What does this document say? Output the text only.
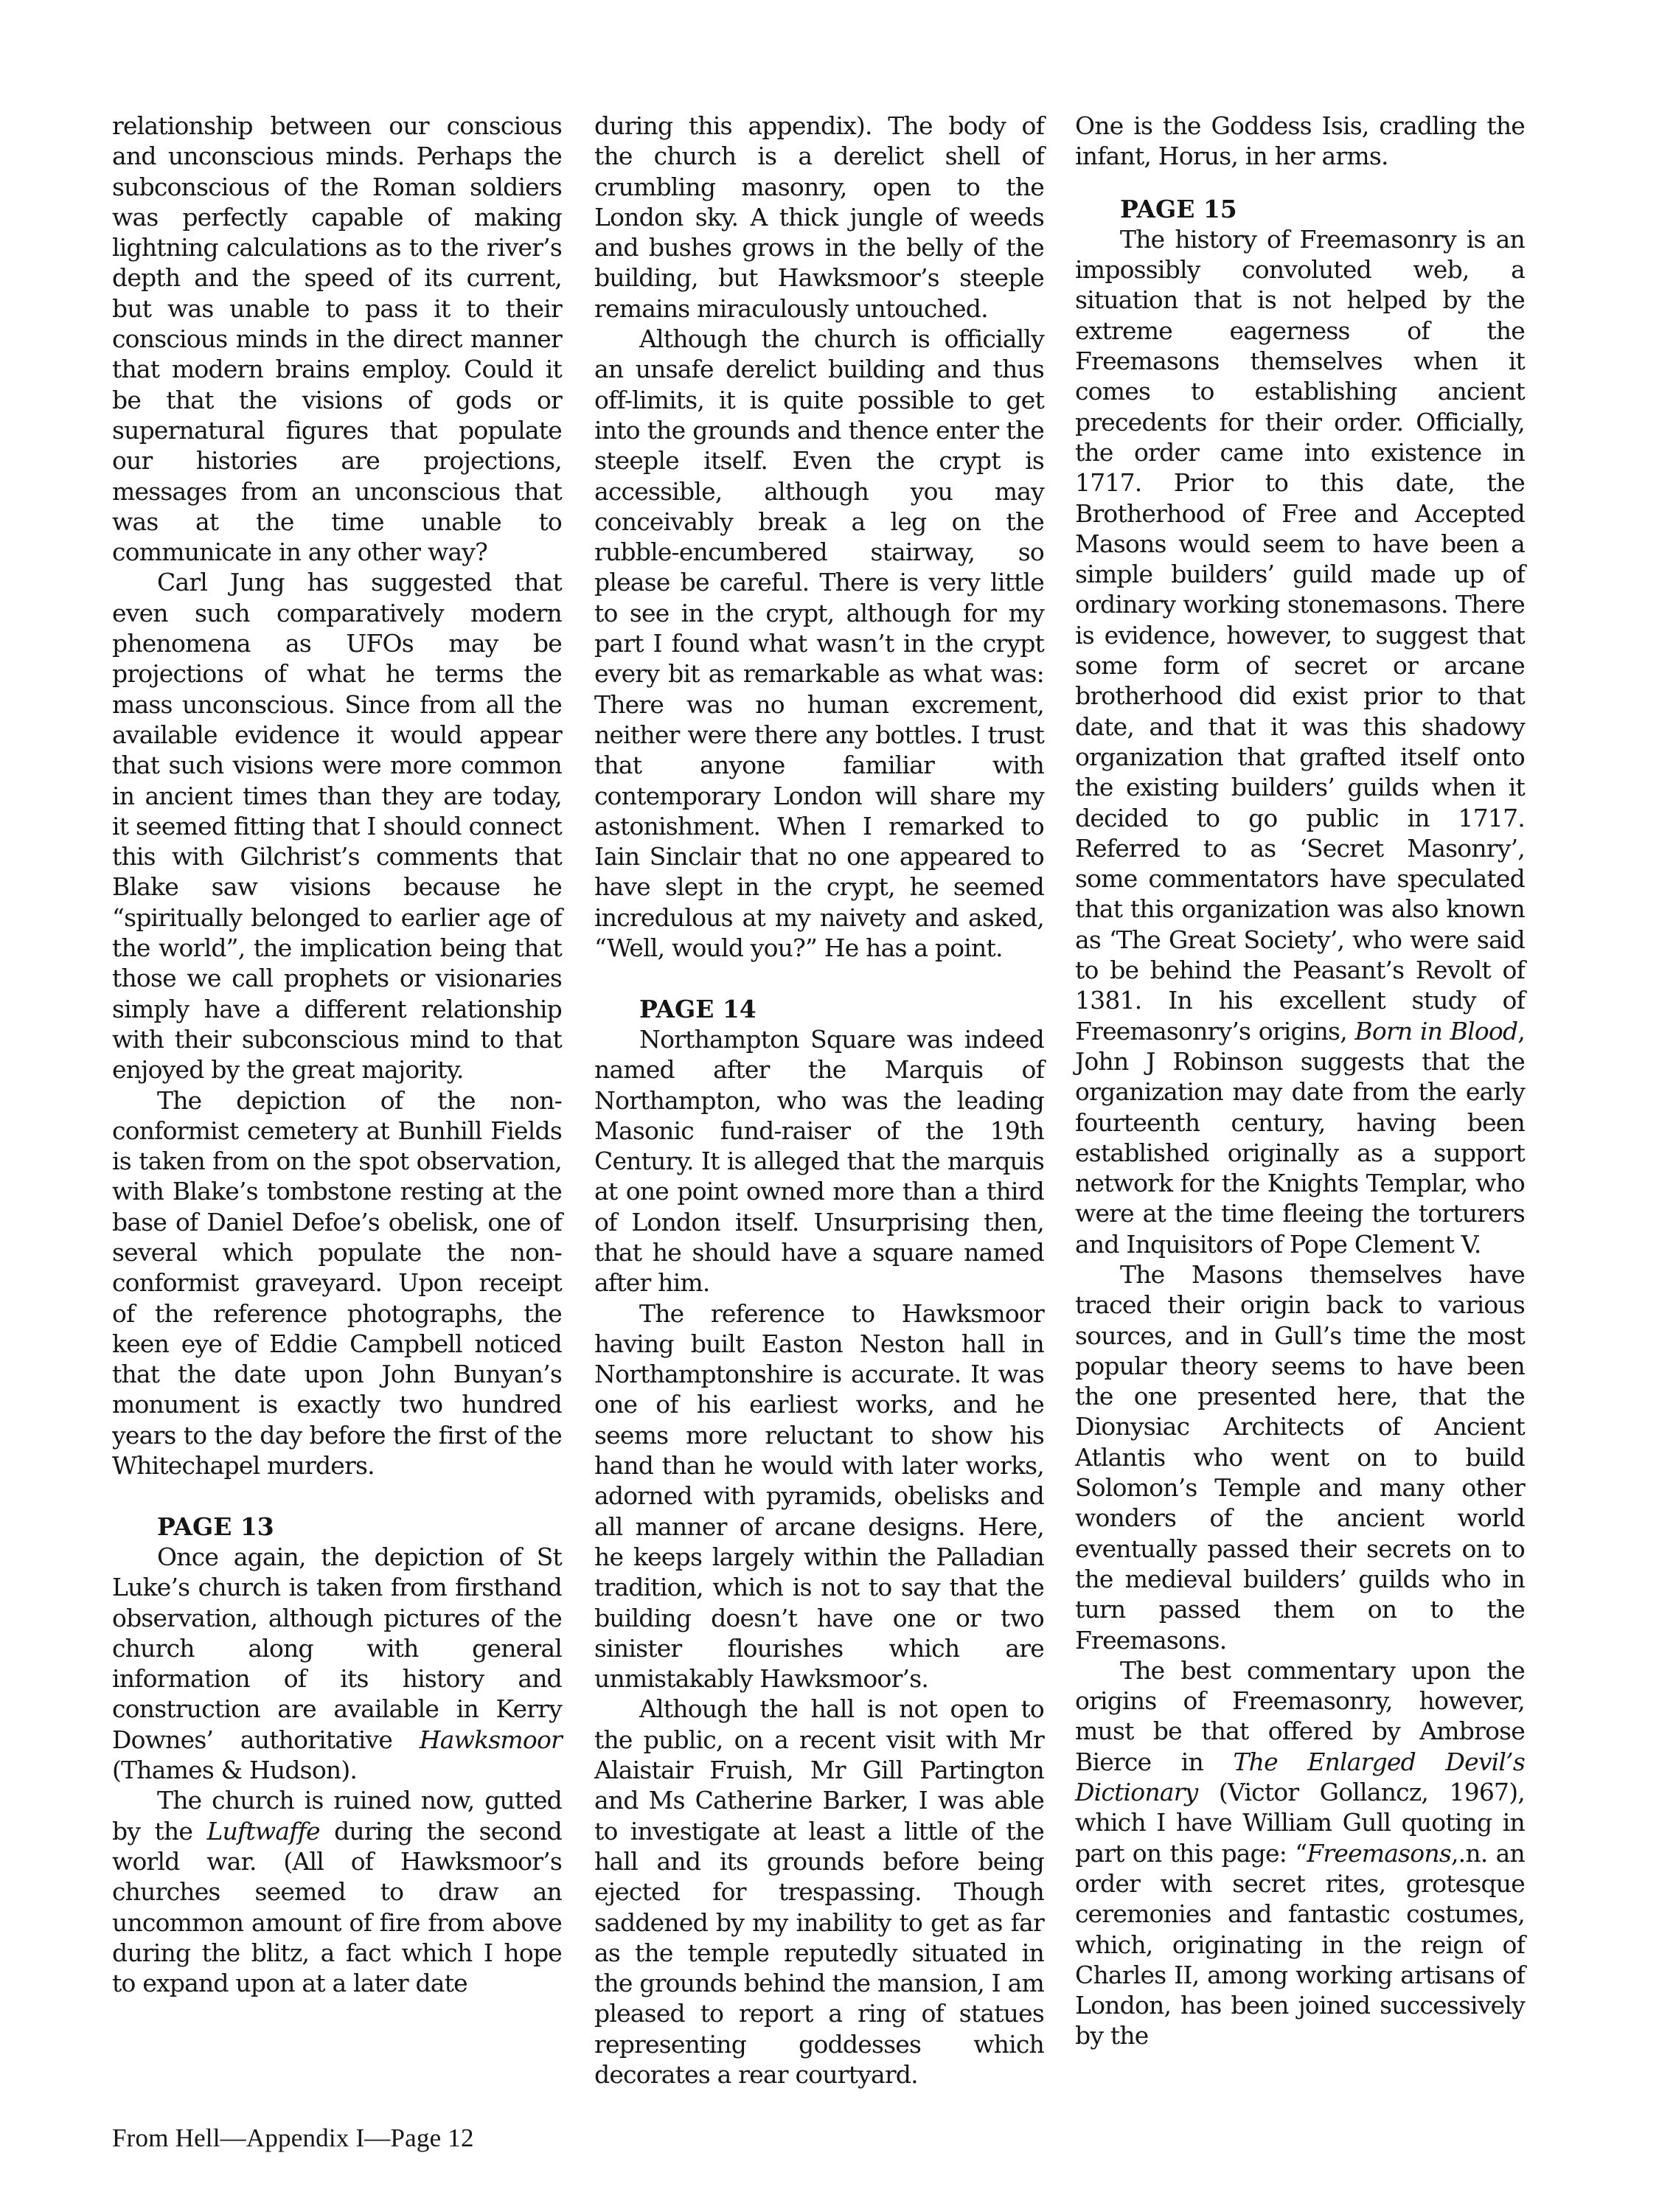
relationship between our conscious and unconscious minds. Perhaps the subconscious of the Roman soldiers was perfectly capable of making lightning calculations as to the river’s depth and the speed of its current, but was unable to pass it to their conscious minds in the direct manner that modern brains employ. Could it be that the visions of gods or supernatural figures that populate our histories are projections, messages from an unconscious that was at the time unable to communicate in any other way?

Carl Jung has suggested that even such comparatively modern phenomena as UFOs may be projections of what he terms the mass unconscious. Since from all the available evidence it would appear that such visions were more common in ancient times than they are today, it seemed fitting that I should connect this with Gilchrist’s comments that Blake saw visions because he “spiritually belonged to earlier age of the world”, the implication being that those we call prophets or visionaries simply have a different relationship with their subconscious mind to that enjoyed by the great majority.

The depiction of the non-conformist cemetery at Bunhill Fields is taken from on the spot observation, with Blake’s tombstone resting at the base of Daniel Defoe’s obelisk, one of several which populate the non-conformist graveyard. Upon receipt of the reference photographs, the keen eye of Eddie Campbell noticed that the date upon John Bunyan’s monument is exactly two hundred years to the day before the first of the Whitechapel murders.

PAGE 13

Once again, the depiction of St Luke’s church is taken from firsthand observation, although pictures of the church along with general information of its history and construction are available in Kerry Downes’ authoritative Hawksmoor (Thames & Hudson).

The church is ruined now, gutted by the Luftwaffe during the second world war. (All of Hawksmoor’s churches seemed to draw an uncommon amount of fire from above during the blitz, a fact which I hope to expand upon at a later date

during this appendix). The body of the church is a derelict shell of crumbling masonry, open to the London sky. A thick jungle of weeds and bushes grows in the belly of the building, but Hawksmoor’s steeple remains miraculously untouched.

Although the church is officially an unsafe derelict building and thus off-limits, it is quite possible to get into the grounds and thence enter the steeple itself. Even the crypt is accessible, although you may conceivably break a leg on the rubble-encumbered stairway, so please be careful. There is very little to see in the crypt, although for my part I found what wasn’t in the crypt every bit as remarkable as what was: There was no human excrement, neither were there any bottles. I trust that anyone familiar with contemporary London will share my astonishment. When I remarked to Iain Sinclair that no one appeared to have slept in the crypt, he seemed incredulous at my naivety and asked, “Well, would you?” He has a point.

PAGE 14

Northampton Square was indeed named after the Marquis of Northampton, who was the leading Masonic fund-raiser of the 19th Century. It is alleged that the marquis at one point owned more than a third of London itself. Unsurprising then, that he should have a square named after him.

The reference to Hawksmoor having built Easton Neston hall in Northamptonshire is accurate. It was one of his earliest works, and he seems more reluctant to show his hand than he would with later works, adorned with pyramids, obelisks and all manner of arcane designs. Here, he keeps largely within the Palladian tradition, which is not to say that the building doesn’t have one or two sinister flourishes which are unmistakably Hawksmoor’s.

Although the hall is not open to the public, on a recent visit with Mr Alaistair Fruish, Mr Gill Partington and Ms Catherine Barker, I was able to investigate at least a little of the hall and its grounds before being ejected for trespassing. Though saddened by my inability to get as far as the temple reputedly situated in the grounds behind the mansion, I am pleased to report a ring of statues representing goddesses which decorates a rear courtyard.

One is the Goddess Isis, cradling the infant, Horus, in her arms.

PAGE 15

The history of Freemasonry is an impossibly convoluted web, a situation that is not helped by the extreme eagerness of the Freemasons themselves when it comes to establishing ancient precedents for their order. Officially, the order came into existence in 1717. Prior to this date, the Brotherhood of Free and Accepted Masons would seem to have been a simple builders’ guild made up of ordinary working stonemasons. There is evidence, however, to suggest that some form of secret or arcane brotherhood did exist prior to that date, and that it was this shadowy organization that grafted itself onto the existing builders’ guilds when it decided to go public in 1717. Referred to as ‘Secret Masonry’, some commentators have speculated that this organization was also known as ‘The Great Society’, who were said to be behind the Peasant’s Revolt of 1381. In his excellent study of Freemasonry’s origins, Born in Blood, John J Robinson suggests that the organization may date from the early fourteenth century, having been established originally as a support network for the Knights Templar, who were at the time fleeing the torturers and Inquisitors of Pope Clement V.

The Masons themselves have traced their origin back to various sources, and in Gull’s time the most popular theory seems to have been the one presented here, that the Dionysiac Architects of Ancient Atlantis who went on to build Solomon’s Temple and many other wonders of the ancient world eventually passed their secrets on to the medieval builders’ guilds who in turn passed them on to the Freemasons.

The best commentary upon the origins of Freemasonry, however, must be that offered by Ambrose Bierce in The Enlarged Devil’s Dictionary (Victor Gollancz, 1967), which I have William Gull quoting in part on this page: “Freemasons,.n. an order with secret rites, grotesque ceremonies and fantastic costumes, which, originating in the reign of Charles II, among working artisans of London, has been joined successively by the

From Hell—Appendix I—Page 12
